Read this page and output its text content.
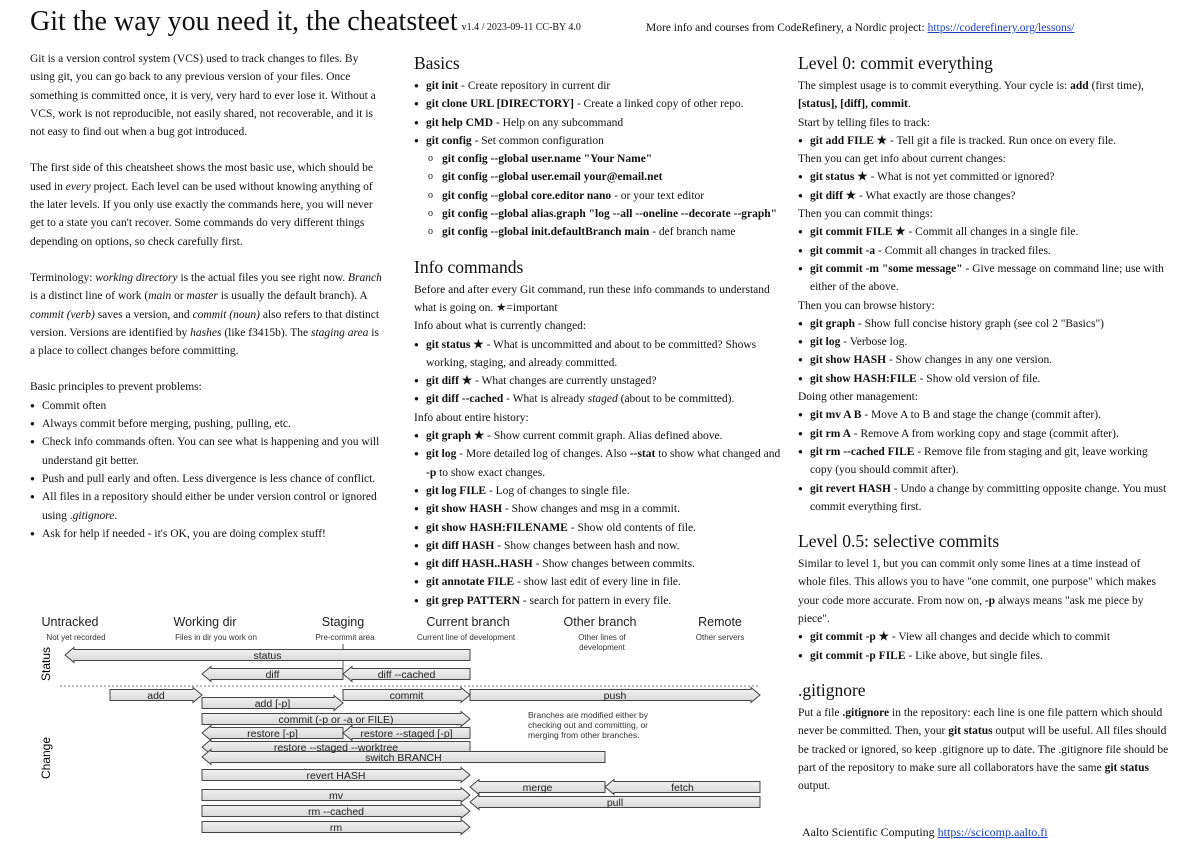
Git the way you need it, the cheatsteet v1.4 / 2023-09-11 CC-BY 4.0	More info and courses from CodeRefinery, a Nordic project: https://coderefinery.org/lessons/

Git is a version control system (VCS) used to track changes to files. By using git, you can go back to any previous version of your files. Once something is committed once, it is very, very hard to ever lose it. Without a VCS, work is not reproducible, not easily shared, not recoverable, and it is not easy to find out when a bug got introduced.

The first side of this cheatsheet shows the most basic use, which should be used in every project. Each level can be used without knowing anything of the later levels. If you only use exactly the commands here, you will never get to a state you can't recover. Some commands do very different things depending on options, so check carefully first.

Terminology: working directory is the actual files you see right now. Branch is a distinct line of work (main or master is usually the default branch). A commit (verb) saves a version, and commit (noun) also refers to that distinct version. Versions are identified by hashes (like f3415b). The staging area is a place to collect changes before committing.

Basic principles to prevent problems:

● Commit often
● Always commit before merging, pushing, pulling, etc.
● Check info commands often. You can see what is happening and you will understand git better.
● Push and pull early and often. Less divergence is less chance of conflict.
● All files in a repository should either be under version control or ignored using .gitignore.
● Ask for help if needed - it's OK, you are doing complex stuff!
Basics
● git init - Create repository in current dir
● git clone URL [DIRECTORY] - Create a linked copy of other repo.
● git help CMD - Help on any subcommand
● git config - Set common configuration
o git config --global user.name "Your Name"
o git config --global user.email your@email.net
o git config --global core.editor nano - or your text editor
o git config --global alias.graph "log --all --oneline --decorate --graph"
o git config --global init.defaultBranch main - def branch name
Info commands

Before and after every Git command, run these info commands to understand what is going on. ★=important

Info about what is currently changed:

● git status ★ - What is uncommitted and about to be committed? Shows working, staging, and already committed.
● git diff ★ - What changes are currently unstaged?
● git diff --cached - What is already staged (about to be committed).

Info about entire history:

● git graph ★ - Show current commit graph. Alias defined above.
● git log - More detailed log of changes. Also --stat to show what changed and -p to show exact changes.
● git log FILE - Log of changes to single file.
● git show HASH - Show changes and msg in a commit.
● git show HASH:FILENAME - Show old contents of file.
● git diff HASH - Show changes between hash and now.
● git diff HASH..HASH - Show changes between commits.
● git annotate FILE - show last edit of every line in file.
● git grep PATTERN - search for pattern in every file.
Level 0: commit everything

The simplest usage is to commit everything. Your cycle is: add (first time), [status], [diff], commit.

Start by telling files to track:

● git add FILE ★ - Tell git a file is tracked. Run once on every file.

Then you can get info about current changes:

● git status ★ - What is not yet committed or ignored?
● git diff ★ - What exactly are those changes?

Then you can commit things:

● git commit FILE ★ - Commit all changes in a single file.
● git commit -a - Commit all changes in tracked files.
● git commit -m "some message" - Give message on command line; use with either of the above.

Then you can browse history:

● git graph - Show full concise history graph (see col 2 "Basics")
● git log - Verbose log.
● git show HASH - Show changes in any one version.
● git show HASH:FILE - Show old version of file.

Doing other management:

● git mv A B - Move A to B and stage the change (commit after).
● git rm A - Remove A from working copy and stage (commit after).
● git rm --cached FILE - Remove file from staging and git, leave working copy (you should commit after).
● git revert HASH - Undo a change by committing opposite change. You must commit everything first.
Level 0.5: selective commits

Similar to level 1, but you can commit only some lines at a time instead of whole files. This allows you to have "one commit, one purpose" which makes your code more accurate. From now on, -p always means "ask me piece by piece".

● git commit -p ★ - View all changes and decide which to commit
● git commit -p FILE - Like above, but single files.
.gitignore

Put a file .gitignore in the repository: each line is one file pattern which should never be committed. Then, your git status output will be useful. All files should be tracked or ignored, so keep .gitignore up to date. The .gitignore file should be part of the repository to make sure all collaborators have the same git status output.

Aalto Scientific Computing https://scicomp.aalto.fi
Untracked	Working dir	Staging	Current branch	Other branch	Remote
Not yet recorded	Files in dir you work on	Pre-commit area	Current line of development	Other lines of
development
Other servers
Status
Change
status
diff	diff --cached
add	commit	push
add [-p]
commit (-p or -a or FILE)
restore [-p]	restore --staged [-p]
restore --staged --worktree
switch BRANCH
revert HASH
merge	fetch
mv
pull
rm --cached
rm
Branches are modified either by
checking out and committing, or
merging from other branches.
